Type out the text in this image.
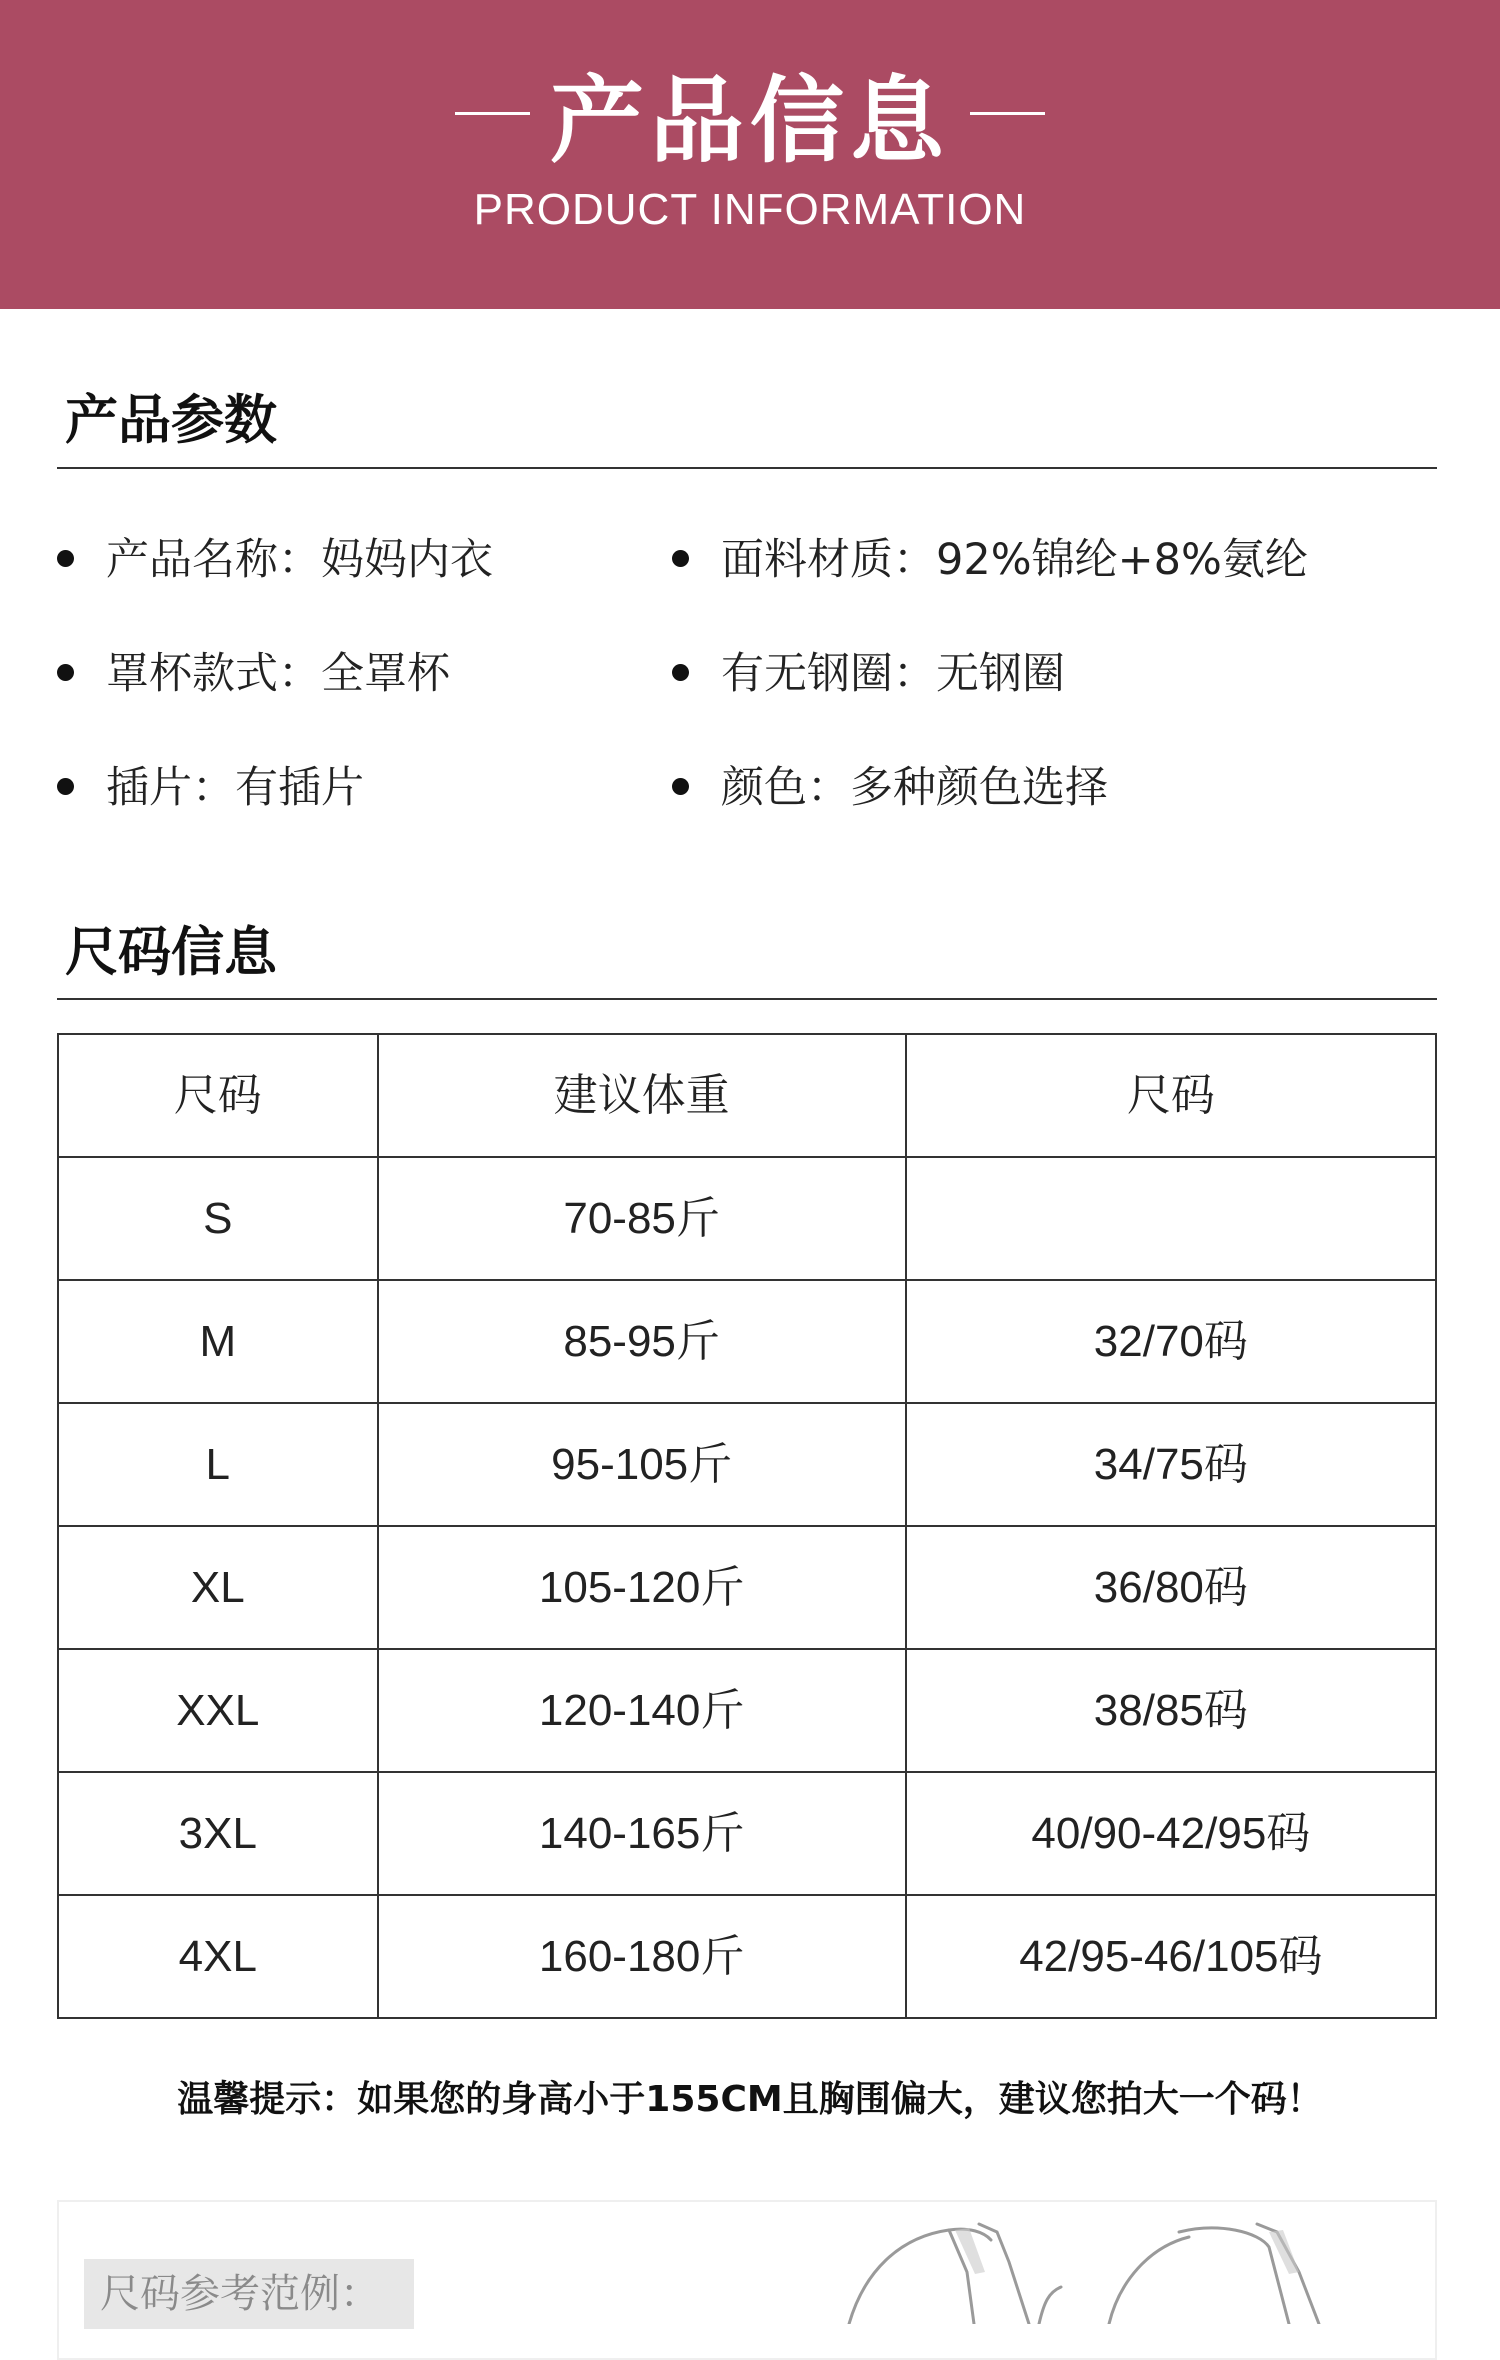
产品信息
PRODUCT INFORMATION
产品参数
产品名称：妈妈内衣	面料材质：92%锦纶+8%氨纶
罩杯款式：全罩杯	有无钢圈：无钢圈
插片：有插片	颜色：多种颜色选择
尺码信息
尺码	建议体重	尺码
S	70-85斤	
M	85-95斤	32/70码
L	95-105斤	34/75码
XL	105-120斤	36/80码
XXL	120-140斤	38/85码
3XL	140-165斤	40/90-42/95码
4XL	160-180斤	42/95-46/105码
温馨提示：如果您的身高小于155CM且胸围偏大，建议您拍大一个码！
尺码参考范例：
